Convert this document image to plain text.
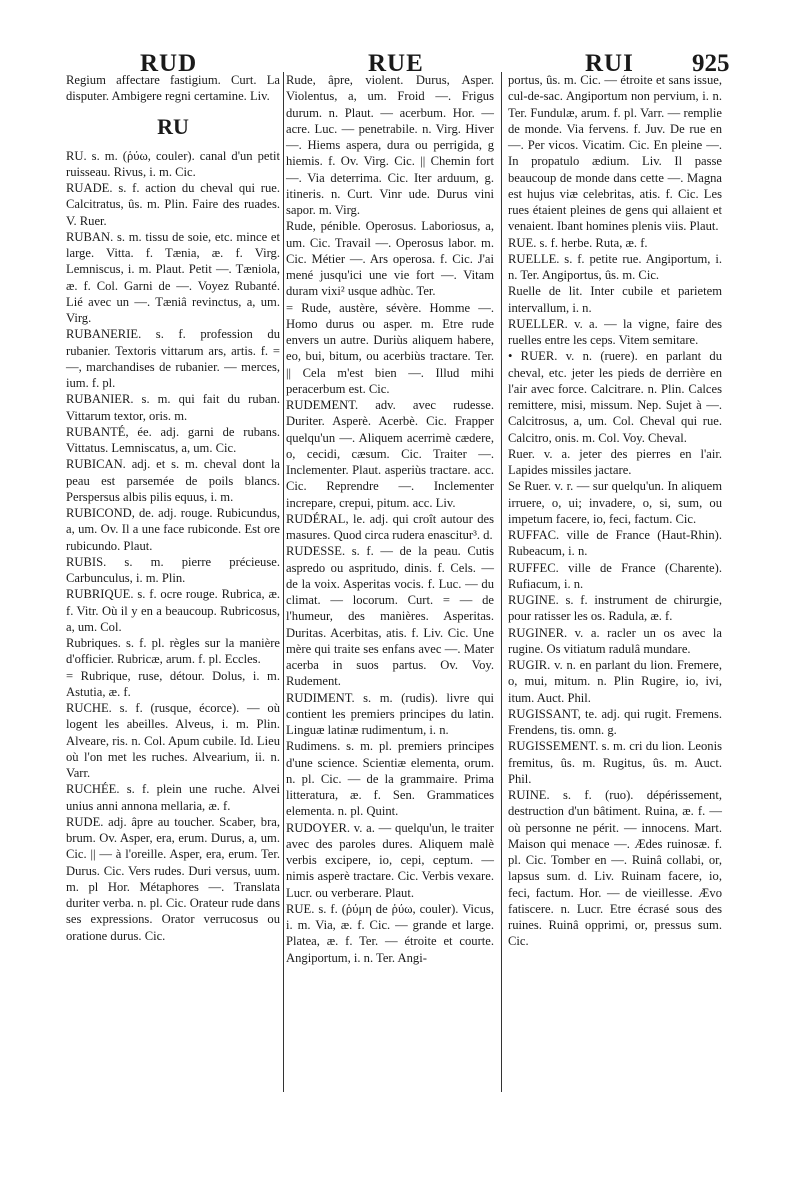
RUD	RUE	RUI 925

Regium affectare fastigium. Curt. La disputer. Ambigere regni certamine. Liv.

RU

RU. s. m. (ῥύω, couler). canal d'un petit ruisseau. Rivus, i. m. Cic.

RUADE. s. f. action du cheval qui rue. Calcitratus, ûs. m. Plin. Faire des ruades. V. Ruer.

RUBAN. s. m. tissu de soie, etc. mince et large. Vitta. f. Tænia, æ. f. Virg. Lemniscus, i. m. Plaut. Petit —. Tæniola, æ. f. Col. Garni de —. Voyez Rubanté. Lié avec un —. Tæniâ revinctus, a, um. Virg.

RUBANERIE. s. f. profession du rubanier. Textoris vittarum ars, artis. f. = —, marchandises de rubanier. — merces, ium. f. pl.

RUBANIER. s. m. qui fait du ruban. Vittarum textor, oris. m.

RUBANTÉ, ée. adj. garni de rubans. Vittatus. Lemniscatus, a, um. Cic.

RUBICAN. adj. et s. m. cheval dont la peau est parsemée de poils blancs. Perspersus albis pilis equus, i. m.

RUBICOND, de. adj. rouge. Rubicundus, a, um. Ov. Il a une face rubiconde. Est ore rubicundo. Plaut.

RUBIS. s. m. pierre précieuse. Carbunculus, i. m. Plin.

RUBRIQUE. s. f. ocre rouge. Rubrica, æ. f. Vitr. Où il y en a beaucoup. Rubricosus, a, um. Col.

Rubriques. s. f. pl. règles sur la manière d'officier. Rubricæ, arum. f. pl. Eccles.

= Rubrique, ruse, détour. Dolus, i. m. Astutia, æ. f.

RUCHE. s. f. (rusque, écorce). — où logent les abeilles. Alveus, i. m. Plin. Alveare, ris. n. Col. Apum cubile. Id. Lieu où l'on met les ruches. Alvearium, ii. n. Varr.

RUCHÉE. s. f. plein une ruche. Alvei unius anni annona mellaria, æ. f.

RUDE. adj. âpre au toucher. Scaber, bra, brum. Ov. Asper, era, erum. Durus, a, um. Cic. || — à l'oreille. Asper, era, erum. Ter. Durus. Cic. Vers rudes. Duri versus, uum. m. pl Hor. Métaphores —. Translata duriter verba. n. pl. Cic. Orateur rude dans ses expressions. Orator verrucosus ou oratione durus. Cic.

Rude, âpre, violent. Durus, Asper. Violentus, a, um. Froid —. Frigus durum. n. Plaut. — acerbum. Hor. — acre. Luc. — penetrabile. n. Virg. Hiver —. Hiems aspera, dura ou perrigida, g hiemis. f. Ov. Virg. Cic. || Chemin fort —. Via deterrima. Cic. Iter arduum, g. itineris. n. Curt. Vinr ude. Durus vini sapor. m. Virg.

Rude, pénible. Operosus. Laboriosus, a, um. Cic. Travail —. Operosus labor. m. Cic. Métier —. Ars operosa. f. Cic. J'ai mené jusqu'ici une vie fort —. Vitam duram vixi² usque adhùc. Ter.

= Rude, austère, sévère. Homme —. Homo durus ou asper. m. Etre rude envers un autre. Duriùs aliquem habere, eo, bui, bitum, ou acerbiùs tractare. Ter. || Cela m'est bien —. Illud mihi peracerbum est. Cic.

RUDEMENT. adv. avec rudesse. Duriter. Asperè. Acerbè. Cic. Frapper quelqu'un —. Aliquem acerrimè cædere, o, cecidi, cæsum. Cic. Traiter —. Inclementer. Plaut. asperiùs tractare. acc. Cic. Reprendre —. Inclementer increpare, crepui, pitum. acc. Liv.

RUDÉRAL, le. adj. qui croît autour des masures. Quod circa rudera enascitur³. d.

RUDESSE. s. f. — de la peau. Cutis aspredo ou aspritudo, dinis. f. Cels. — de la voix. Asperitas vocis. f. Luc. — du climat. — locorum. Curt. = — de l'humeur, des manières. Asperitas. Duritas. Acerbitas, atis. f. Liv. Cic. Une mère qui traite ses enfans avec —. Mater acerba in suos partus. Ov. Voy. Rudement.

RUDIMENT. s. m. (rudis). livre qui contient les premiers principes du latin. Linguæ latinæ rudimentum, i. n.

Rudimens. s. m. pl. premiers principes d'une science. Scientiæ elementa, orum. n. pl. Cic. — de la grammaire. Prima litteratura, æ. f. Sen. Grammatices elementa. n. pl. Quint.

RUDOYER. v. a. — quelqu'un, le traiter avec des paroles dures. Aliquem malè verbis excipere, io, cepi, ceptum. — nimis asperè tractare. Cic. Verbis vexare. Lucr. ou verberare. Plaut.

RUE. s. f. (ῥύμη de ῥύω, couler). Vicus, i. m. Via, æ. f. Cic. — grande et large. Platea, æ. f. Ter. — étroite et courte. Angiportum, i. n. Ter. Angi-

portus, ûs. m. Cic. — étroite et sans issue, cul-de-sac. Angiportum non pervium, i. n. Ter. Fundulæ, arum. f. pl. Varr. — remplie de monde. Via fervens. f. Juv. De rue en —. Per vicos. Vicatim. Cic. En pleine —. In propatulo ædium. Liv. Il passe beaucoup de monde dans cette —. Magna est hujus viæ celebritas, atis. f. Cic. Les rues étaient pleines de gens qui allaient et venaient. Ibant homines plenis viis. Plaut.

RUE. s. f. herbe. Ruta, æ. f.

RUELLE. s. f. petite rue. Angiportum, i. n. Ter. Angiportus, ûs. m. Cic.

Ruelle de lit. Inter cubile et parietem intervallum, i. n.

RUELLER. v. a. — la vigne, faire des ruelles entre les ceps. Vitem semitare.

• RUER. v. n. (ruere). en parlant du cheval, etc. jeter les pieds de derrière en l'air avec force. Calcitrare. n. Plin. Calces remittere, misi, missum. Nep. Sujet à —. Calcitrosus, a, um. Col. Cheval qui rue. Calcitro, onis. m. Col. Voy. Cheval.

Ruer. v. a. jeter des pierres en l'air. Lapides missiles jactare.

Se Ruer. v. r. — sur quelqu'un. In aliquem irruere, o, ui; invadere, o, si, sum, ou impetum facere, io, feci, factum. Cic.

RUFFAC. ville de France (Haut-Rhin). Rubeacum, i. n.

RUFFEC. ville de France (Charente). Rufiacum, i. n.

RUGINE. s. f. instrument de chirurgie, pour ratisser les os. Radula, æ. f.

RUGINER. v. a. racler un os avec la rugine. Os vitiatum radulâ mundare.

RUGIR. v. n. en parlant du lion. Fremere, o, mui, mitum. n. Plin Rugire, io, ivi, itum. Auct. Phil.

RUGISSANT, te. adj. qui rugit. Fremens. Frendens, tis. omn. g.

RUGISSEMENT. s. m. cri du lion. Leonis fremitus, ûs. m. Rugitus, ûs. m. Auct. Phil.

RUINE. s. f. (ruo). dépérissement, destruction d'un bâtiment. Ruina, æ. f. — où personne ne périt. — innocens. Mart. Maison qui menace —. Ædes ruinosæ. f. pl. Cic. Tomber en —. Ruinâ collabi, or, lapsus sum. d. Liv. Ruinam facere, io, feci, factum. Hor. — de vieillesse. Ævo fatiscere. n. Lucr. Etre écrasé sous des ruines. Ruinâ opprimi, or, pressus sum. Cic.
